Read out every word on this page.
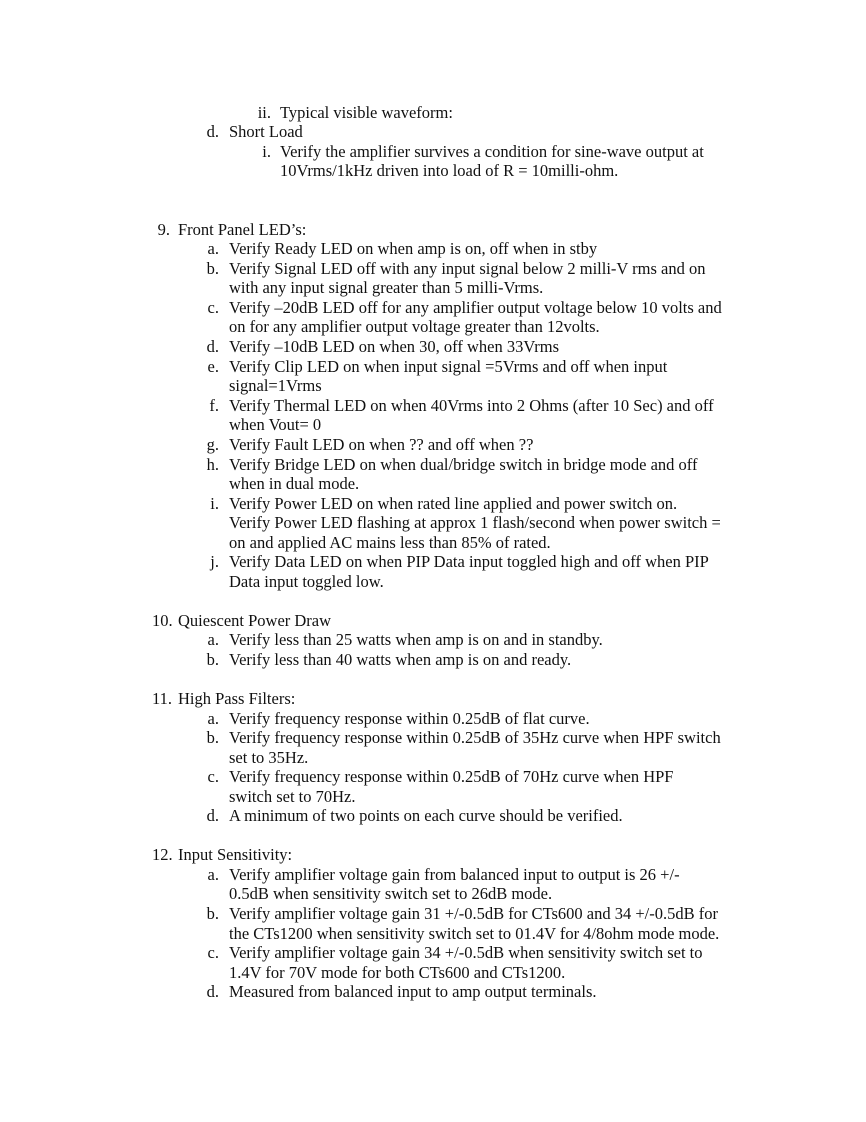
ii. Typical visible waveform:
d. Short Load
i. Verify the amplifier survives a condition for sine-wave output at
10Vrms/1kHz driven into load of R = 10milli-ohm.
9. Front Panel LED’s:
a. Verify Ready LED on when amp is on, off when in stby
b. Verify Signal LED off with any input signal below 2 milli-V rms and on
with any input signal greater than 5 milli-Vrms.
c. Verify –20dB LED off for any amplifier output voltage below 10 volts and
on for any amplifier output voltage greater than 12volts.
d. Verify –10dB LED on when 30, off when 33Vrms
e. Verify Clip LED on when input signal =5Vrms and off when input
signal=1Vrms
f. Verify Thermal LED on when 40Vrms into 2 Ohms (after 10 Sec) and off
when Vout= 0
g. Verify Fault LED on when ?? and off when ??
h. Verify Bridge LED on when dual/bridge switch in bridge mode and off
when in dual mode.
i. Verify Power LED on when rated line applied and power switch on.
Verify Power LED flashing at approx 1 flash/second when power switch =
on and applied AC mains less than 85% of rated.
j. Verify Data LED on when PIP Data input toggled high and off when PIP
Data input toggled low.
10. Quiescent Power Draw
a. Verify less than 25 watts when amp is on and in standby.
b. Verify less than 40 watts when amp is on and ready.
11. High Pass Filters:
a. Verify frequency response within 0.25dB of flat curve.
b. Verify frequency response within 0.25dB of 35Hz curve when HPF switch
set to 35Hz.
c. Verify frequency response within 0.25dB of 70Hz curve when HPF
switch set to 70Hz.
d. A minimum of two points on each curve should be verified.
12. Input Sensitivity:
a. Verify amplifier voltage gain from balanced input to output is 26 +/-
0.5dB when sensitivity switch set to 26dB mode.
b. Verify amplifier voltage gain 31 +/-0.5dB for CTs600 and 34 +/-0.5dB for
the CTs1200 when sensitivity switch set to 01.4V for 4/8ohm mode mode.
c. Verify amplifier voltage gain 34 +/-0.5dB when sensitivity switch set to
1.4V for 70V mode for both CTs600 and CTs1200.
d. Measured from balanced input to amp output terminals.
